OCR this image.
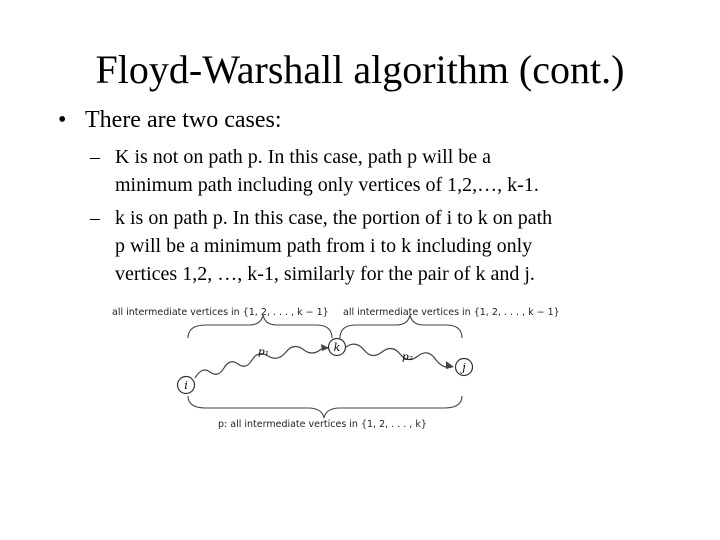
Floyd-Warshall algorithm (cont.)
• There are two cases:
– K is not on path p. In this case, path p will be a
minimum path including only vertices of 1,2,…, k-1.
– k is on path p. In this case, the portion of i to k on path
p will be a minimum path from i to k including only
vertices 1,2, …, k-1, similarly for the pair of k and j.
all intermediate vertices in {1, 2, . . . , k − 1} all intermediate vertices in {1, 2, . . . , k − 1}
i
k
j
p₁	p₂
p: all intermediate vertices in {1, 2, . . . , k}
